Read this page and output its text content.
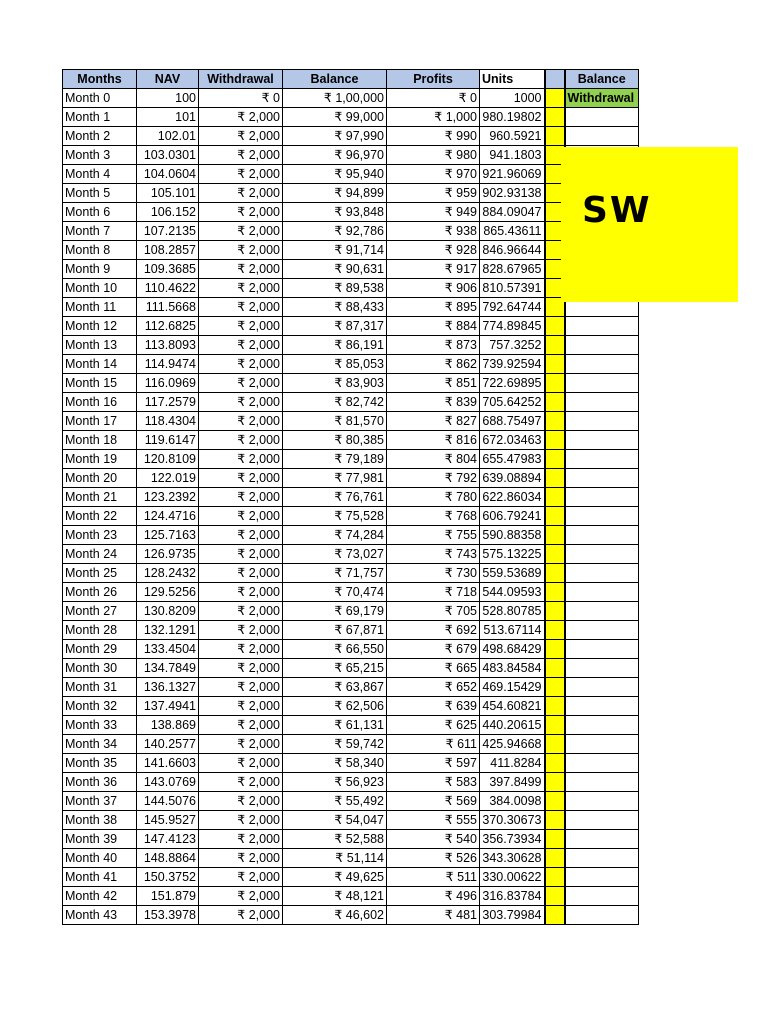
Months	NAV	Withdrawal	Balance	Profits	Units		Balance
Month 0	100	₹ 0	₹ 1,00,000	₹ 0	1000		Withdrawal
Month 1	101	₹ 2,000	₹ 99,000	₹ 1,000	980.19802		
Month 2	102.01	₹ 2,000	₹ 97,990	₹ 990	960.5921		
Month 3	103.0301	₹ 2,000	₹ 96,970	₹ 980	941.1803		
Month 4	104.0604	₹ 2,000	₹ 95,940	₹ 970	921.96069		
Month 5	105.101	₹ 2,000	₹ 94,899	₹ 959	902.93138		
Month 6	106.152	₹ 2,000	₹ 93,848	₹ 949	884.09047		
Month 7	107.2135	₹ 2,000	₹ 92,786	₹ 938	865.43611		
Month 8	108.2857	₹ 2,000	₹ 91,714	₹ 928	846.96644		
Month 9	109.3685	₹ 2,000	₹ 90,631	₹ 917	828.67965		
Month 10	110.4622	₹ 2,000	₹ 89,538	₹ 906	810.57391		
Month 11	111.5668	₹ 2,000	₹ 88,433	₹ 895	792.64744		
Month 12	112.6825	₹ 2,000	₹ 87,317	₹ 884	774.89845		
Month 13	113.8093	₹ 2,000	₹ 86,191	₹ 873	757.3252		
Month 14	114.9474	₹ 2,000	₹ 85,053	₹ 862	739.92594		
Month 15	116.0969	₹ 2,000	₹ 83,903	₹ 851	722.69895		
Month 16	117.2579	₹ 2,000	₹ 82,742	₹ 839	705.64252		
Month 17	118.4304	₹ 2,000	₹ 81,570	₹ 827	688.75497		
Month 18	119.6147	₹ 2,000	₹ 80,385	₹ 816	672.03463		
Month 19	120.8109	₹ 2,000	₹ 79,189	₹ 804	655.47983		
Month 20	122.019	₹ 2,000	₹ 77,981	₹ 792	639.08894		
Month 21	123.2392	₹ 2,000	₹ 76,761	₹ 780	622.86034		
Month 22	124.4716	₹ 2,000	₹ 75,528	₹ 768	606.79241		
Month 23	125.7163	₹ 2,000	₹ 74,284	₹ 755	590.88358		
Month 24	126.9735	₹ 2,000	₹ 73,027	₹ 743	575.13225		
Month 25	128.2432	₹ 2,000	₹ 71,757	₹ 730	559.53689		
Month 26	129.5256	₹ 2,000	₹ 70,474	₹ 718	544.09593		
Month 27	130.8209	₹ 2,000	₹ 69,179	₹ 705	528.80785		
Month 28	132.1291	₹ 2,000	₹ 67,871	₹ 692	513.67114		
Month 29	133.4504	₹ 2,000	₹ 66,550	₹ 679	498.68429		
Month 30	134.7849	₹ 2,000	₹ 65,215	₹ 665	483.84584		
Month 31	136.1327	₹ 2,000	₹ 63,867	₹ 652	469.15429		
Month 32	137.4941	₹ 2,000	₹ 62,506	₹ 639	454.60821		
Month 33	138.869	₹ 2,000	₹ 61,131	₹ 625	440.20615		
Month 34	140.2577	₹ 2,000	₹ 59,742	₹ 611	425.94668		
Month 35	141.6603	₹ 2,000	₹ 58,340	₹ 597	411.8284		
Month 36	143.0769	₹ 2,000	₹ 56,923	₹ 583	397.8499		
Month 37	144.5076	₹ 2,000	₹ 55,492	₹ 569	384.0098		
Month 38	145.9527	₹ 2,000	₹ 54,047	₹ 555	370.30673		
Month 39	147.4123	₹ 2,000	₹ 52,588	₹ 540	356.73934		
Month 40	148.8864	₹ 2,000	₹ 51,114	₹ 526	343.30628		
Month 41	150.3752	₹ 2,000	₹ 49,625	₹ 511	330.00622		
Month 42	151.879	₹ 2,000	₹ 48,121	₹ 496	316.83784		
Month 43	153.3978	₹ 2,000	₹ 46,602	₹ 481	303.79984		
SW
